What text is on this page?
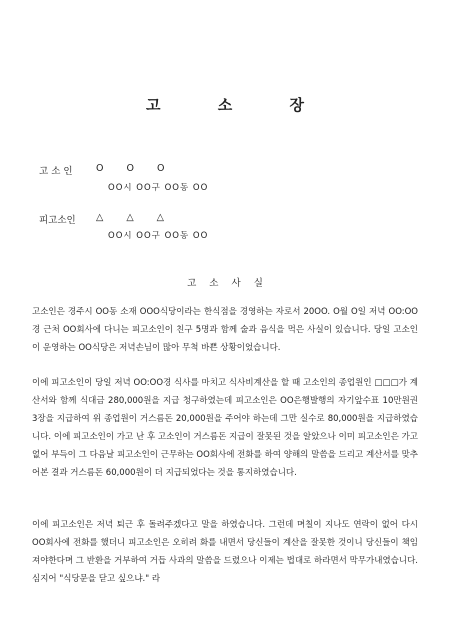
고 소 장
고 소 인 O O O
OO시 OO구 OO동 OO
피고소인 △ △ △
OO시 OO구 OO동 OO
고 소 사 실

고소인은 경주시 OO동 소재 OOO식당이라는 한식점을 경영하는 자로서 20OO. O월 O일 저녁 OO:OO경 근처 OO회사에 다니는 피고소인이 친구 5명과 함께 술과 음식을 먹은 사실이 있습니다. 당일 고소인이 운영하는 OO식당은 저녁손님이 많아 무척 바쁜 상황이었습니다.

이에 피고소인이 당일 저녁 OO:OO경 식사를 마치고 식사비계산을 할 때 고소인의 종업원인 □□□가 계산서와 함께 식대금 280,000원을 지급 청구하였는데 피고소인은 OO은행발행의 자기앞수표 10만원권 3장을 지급하여 위 종업원이 거스름돈 20,000원을 주어야 하는데 그만 실수로 80,000원을 지급하였습니다. 이에 피고소인이 가고 난 후 고소인이 거스름돈 지급이 잘못된 것을 알았으나 이미 피고소인은 가고 없어 부득이 그 다음날 피고소인이 근무하는 OO회사에 전화를 하여 양해의 말씀을 드리고 계산서를 맞추어본 결과 거스름돈 60,000원이 더 지급되었다는 것을 통지하였습니다.

이에 피고소인은 저녁 퇴근 후 돌려주겠다고 말을 하였습니다. 그런데 며칠이 지나도 연락이 없어 다시 OO회사에 전화를 했더니 피고소인은 오히려 화를 내면서 당신들이 계산을 잘못한 것이니 당신들이 책임져야한다며 그 반환을 거부하여 거듭 사과의 말씀을 드렸으나 이제는 법대로 하라면서 막무가내였습니다. 심지어 "식당문을 닫고 싶으냐." 라
